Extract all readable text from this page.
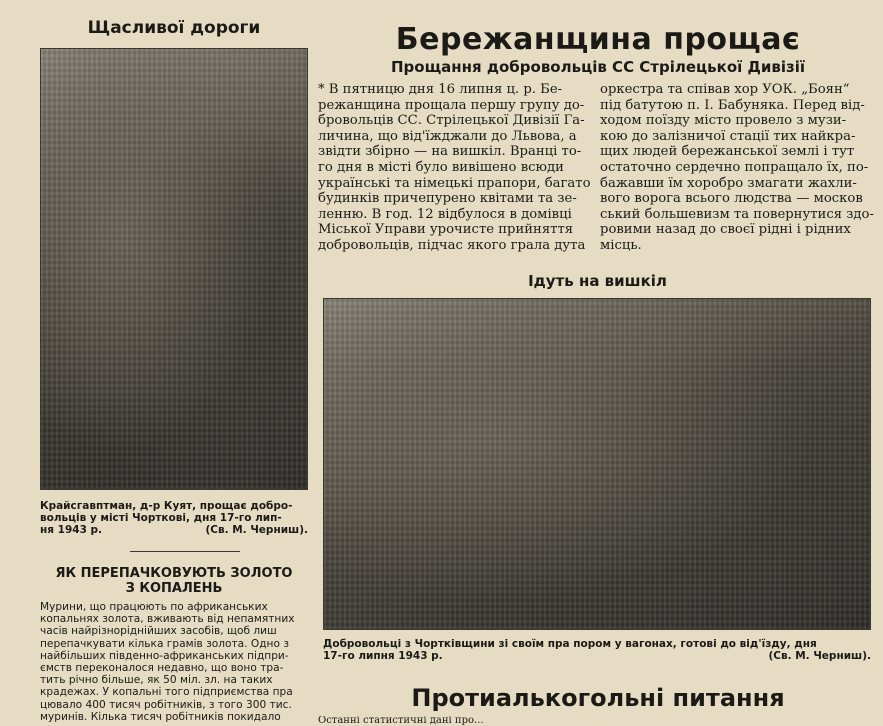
Щасливої дороги
Крайсгавптман, д-р Куят, прощає добро-
вольців у місті Чорткові, дня 17-го лип-
ня 1943 р.	(Св. М. Черниш).
ЯК ПЕРЕПАЧКОВУЮТЬ ЗОЛОТО
З КОПАЛЕНЬ
Мурини, що працюють по африканських
копальнях золота, вживають від непамятних
часів найрізноріднійших засобів, щоб лиш
перепачкувати кілька грамів золота. Одно з
найбільших південно-африканських підпри-
ємств переконалося недавно, що воно тра-
тить річно більше, як 50 міл. зл. на таких
крадежах. У копальні того підприємства пра
цювало 400 тисяч робітників, з того 300 тис.
муринів. Кілька тисяч робітників покидало
Бережанщина прощає
Прощання добровольців СС Стрілецької Дивізії

* В пятницю дня 16 липня ц. р. Бе-

режанщина прощала першу групу до-

бровольців СС. Стрілецької Дивізії Га-

личина, що від'їжджали до Львова, а

звідти збірно — на вишкіл. Вранці то-

го дня в місті було вивішено всюди

українські та німецькі прапори, багато

будинків причепурено квітами та зе-

ленню. В год. 12 відбулося в домівці

Міської Управи урочисте прийняття

добровольців, підчас якого грала дута

оркестра та співав хор УОК. „Боян“

під батутою п. І. Бабуняка. Перед від-

ходом поїзду місто провело з музи-

кою до залізничої стації тих найкра-

щих людей бережанської землі і тут

остаточно сердечно попращало їх, по-

бажавши їм хоробро змагати жахли-

вого ворога всього людства — москов

ський большевизм та повернутися здо-

ровими назад до своєї рідні і рідних

місць.

Ідуть на вишкіл
Добровольці з Чортківщини зі своїм пра пором у вагонах, готові до від'їзду, дня
17-го липня 1943 р.	(Св. М. Черниш).
Протиалькогольні питання
Останні статистичні дані про...
